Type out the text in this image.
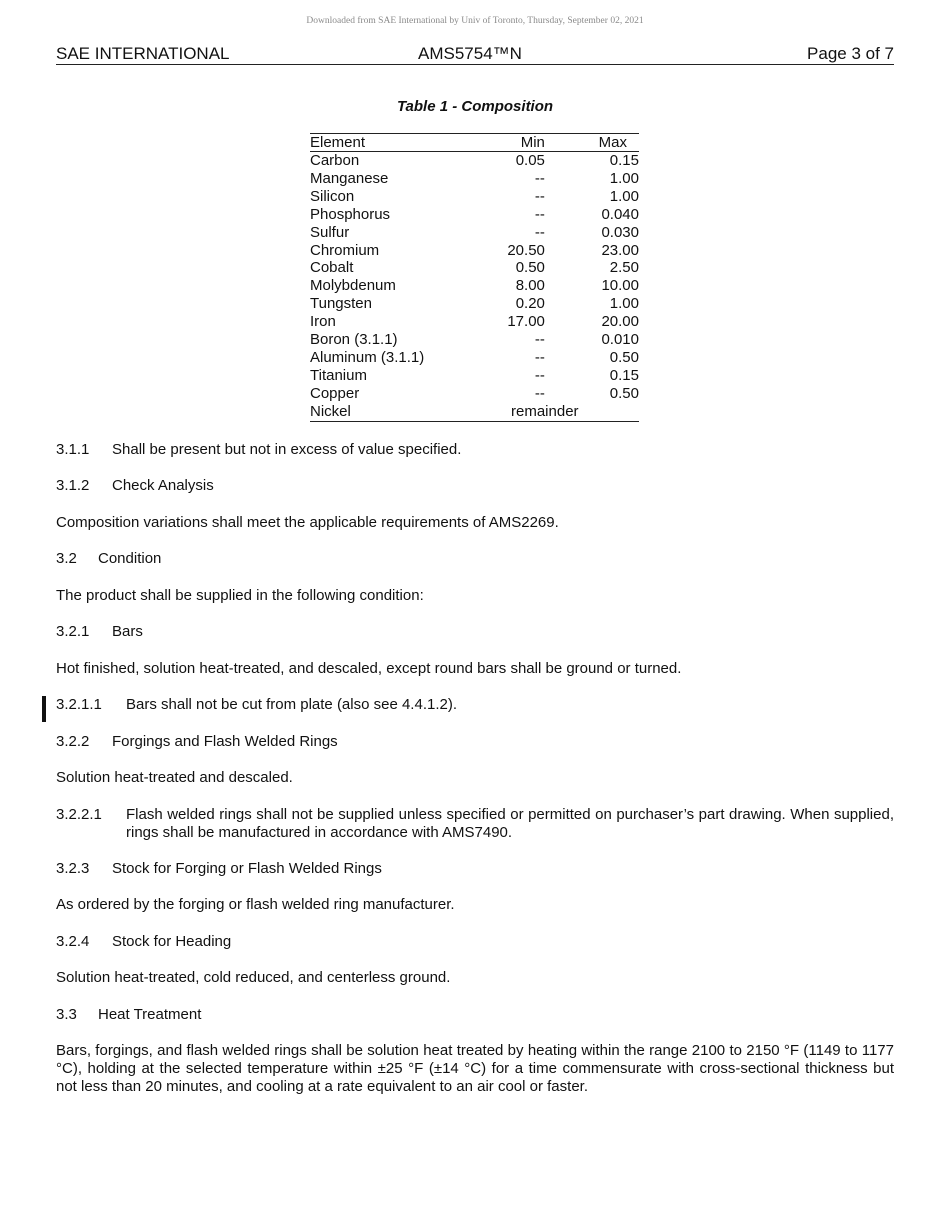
Downloaded from SAE International by Univ of Toronto, Thursday, September 02, 2021
SAE INTERNATIONAL	AMS5754™N	Page 3 of 7
Table 1 - Composition
Element	Min	Max
Carbon	0.05	0.15
Manganese	--	1.00
Silicon	--	1.00
Phosphorus	--	0.040
Sulfur	--	0.030
Chromium	20.50	23.00
Cobalt	0.50	2.50
Molybdenum	8.00	10.00
Tungsten	0.20	1.00
Iron	17.00	20.00
Boron (3.1.1)	--	0.010
Aluminum (3.1.1)	--	0.50
Titanium	--	0.15
Copper	--	0.50
Nickel	remainder	
3.1.1 Shall be present but not in excess of value specified.
3.1.2 Check Analysis
Composition variations shall meet the applicable requirements of AMS2269.
3.2 Condition
The product shall be supplied in the following condition:
3.2.1 Bars
Hot finished, solution heat-treated, and descaled, except round bars shall be ground or turned.
3.2.1.1 Bars shall not be cut from plate (also see 4.4.1.2).
3.2.2 Forgings and Flash Welded Rings
Solution heat-treated and descaled.
3.2.2.1 Flash welded rings shall not be supplied unless specified or permitted on purchaser’s part drawing. When supplied, rings shall be manufactured in accordance with AMS7490.
3.2.3 Stock for Forging or Flash Welded Rings
As ordered by the forging or flash welded ring manufacturer.
3.2.4 Stock for Heading
Solution heat-treated, cold reduced, and centerless ground.
3.3 Heat Treatment
Bars, forgings, and flash welded rings shall be solution heat treated by heating within the range 2100 to 2150 °F (1149 to 1177 °C), holding at the selected temperature within ±25 °F (±14 °C) for a time commensurate with cross-sectional thickness but not less than 20 minutes, and cooling at a rate equivalent to an air cool or faster.
